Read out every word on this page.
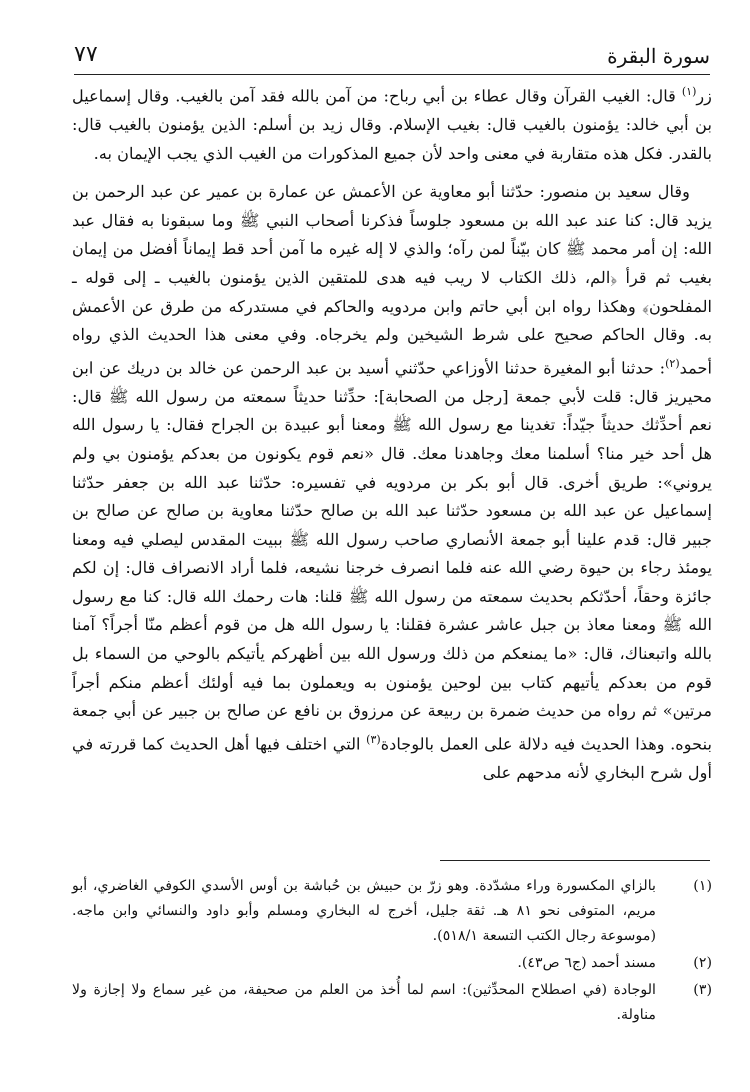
سورة البقرة
٧٧

زر$^{(١)}$ قال: الغيب القرآن وقال عطاء بن أبي رباح: من آمن بالله فقد آمن بالغيب. وقال إسماعيل بن أبي خالد: يؤمنون بالغيب قال: بغيب الإسلام. وقال زيد بن أسلم: الذين يؤمنون بالغيب قال: بالقدر. فكل هذه متقاربة في معنى واحد لأن جميع المذكورات من الغيب الذي يجب الإيمان به.

وقال سعيد بن منصور: حدّثنا أبو معاوية عن الأعمش عن عمارة بن عمير عن عبد الرحمن بن يزيد قال: كنا عند عبد الله بن مسعود جلوساً فذكرنا أصحاب النبي ﷺ وما سبقونا به فقال عبد الله: إن أمر محمد ﷺ كان بيّناً لمن رآه؛ والذي لا إله غيره ما آمن أحد قط إيماناً أفضل من إيمان بغيب ثم قرأ ﴿الم، ذلك الكتاب لا ريب فيه هدى للمتقين الذين يؤمنون بالغيب ـ إلى قوله ـ المفلحون﴾ وهكذا رواه ابن أبي حاتم وابن مردويه والحاكم في مستدركه من طرق عن الأعمش به. وقال الحاكم صحيح على شرط الشيخين ولم يخرجاه. وفي معنى هذا الحديث الذي رواه أحمد$^{(٢)}$: حدثنا أبو المغيرة حدثنا الأوزاعي حدّثني أسيد بن عبد الرحمن عن خالد بن دريك عن ابن محيريز قال: قلت لأبي جمعة [رجل من الصحابة]: حدِّثنا حديثاً سمعته من رسول الله ﷺ قال: نعم أحدِّثك حديثاً جيّداً: تغدينا مع رسول الله ﷺ ومعنا أبو عبيدة بن الجراح فقال: يا رسول الله هل أحد خير منا؟ أسلمنا معك وجاهدنا معك. قال «نعم قوم يكونون من بعدكم يؤمنون بي ولم يروني»: طريق أخرى. قال أبو بكر بن مردويه في تفسيره: حدّثنا عبد الله بن جعفر حدّثنا إسماعيل عن عبد الله بن مسعود حدّثنا عبد الله بن صالح حدّثنا معاوية بن صالح عن صالح بن جبير قال: قدم علينا أبو جمعة الأنصاري صاحب رسول الله ﷺ ببيت المقدس ليصلي فيه ومعنا يومئذ رجاء بن حيوة رضي الله عنه فلما انصرف خرجنا نشيعه، فلما أراد الانصراف قال: إن لكم جائزة وحقاً، أحدّثكم بحديث سمعته من رسول الله ﷺ قلنا: هات رحمك الله قال: كنا مع رسول الله ﷺ ومعنا معاذ بن جبل عاشر عشرة فقلنا: يا رسول الله هل من قوم أعظم منّا أجراً؟ آمنا بالله واتبعناك، قال: «ما يمنعكم من ذلك ورسول الله بين أظهركم يأتيكم بالوحي من السماء بل قوم من بعدكم يأتيهم كتاب بين لوحين يؤمنون به ويعملون بما فيه أولئك أعظم منكم أجراً مرتين» ثم رواه من حديث ضمرة بن ربيعة عن مرزوق بن نافع عن صالح بن جبير عن أبي جمعة بنحوه. وهذا الحديث فيه دلالة على العمل بالوجادة$^{(٣)}$ التي اختلف فيها أهل الحديث كما قررته في أول شرح البخاري لأنه مدحهم على

(١)
بالزاي المكسورة وراء مشدّدة. وهو زرّ بن حبيش بن حُباشة بن أوس الأسدي الكوفي الغاضري، أبو مريم، المتوفى نحو ٨١ هـ. ثقة جليل، أخرج له البخاري ومسلم وأبو داود والنسائي وابن ماجه. (موسوعة رجال الكتب التسعة ٥١٨/١).
(٢)
مسند أحمد (ج٦ ص٤٣).
(٣)
الوجادة (في اصطلاح المحدِّثين): اسم لما أُخذ من العلم من صحيفة، من غير سماع ولا إجازة ولا مناولة.
